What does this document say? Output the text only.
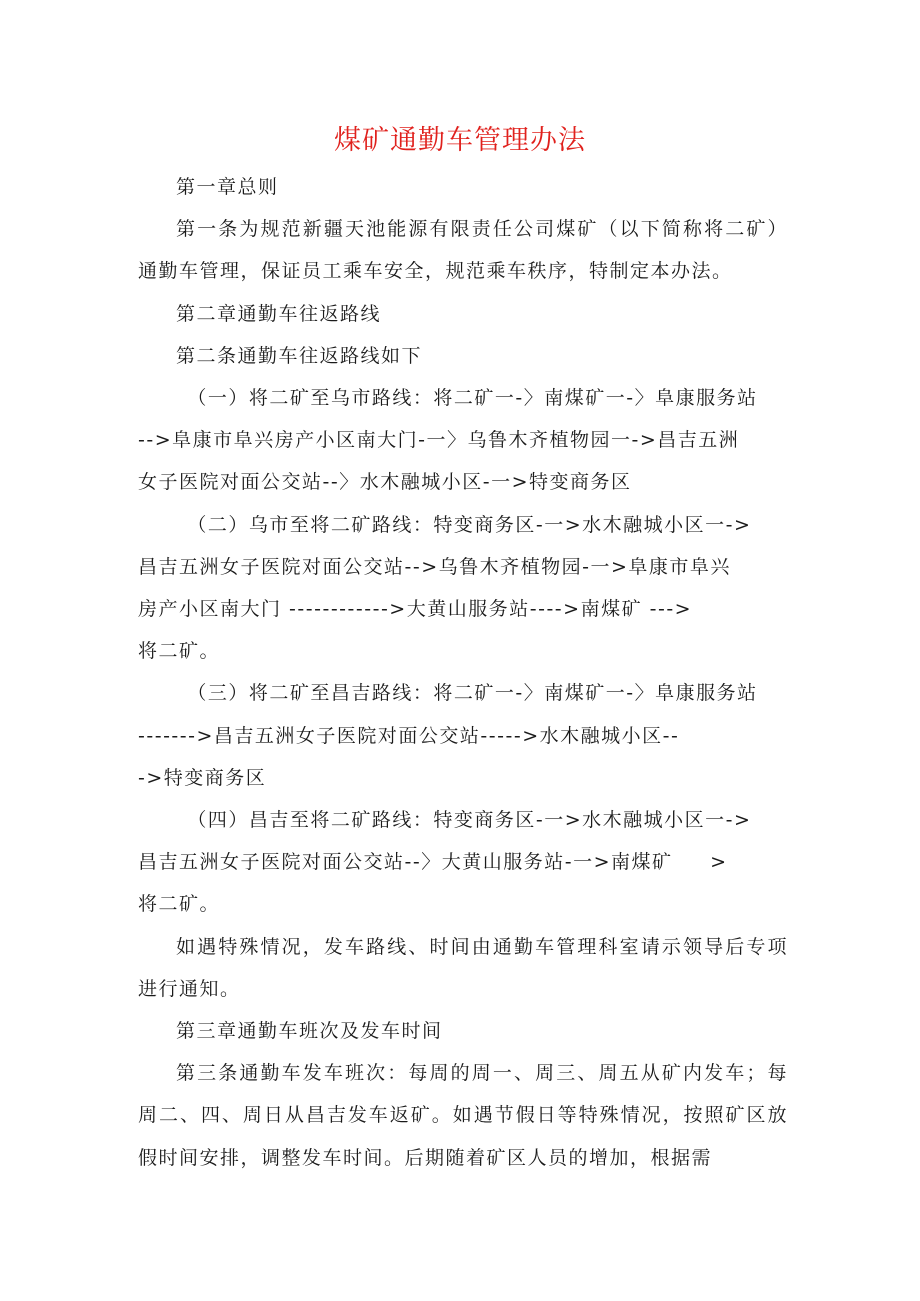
煤矿通勤车管理办法

第一章总则

第一条为规范新疆天池能源有限责任公司煤矿（以下简称将二矿）通勤车管理，保证员工乘车安全，规范乘车秩序，特制定本办法。

第二章通勤车往返路线

第二条通勤车往返路线如下

（一）将二矿至乌市路线：将二矿一-〉南煤矿一-〉阜康服务站
-->阜康市阜兴房产小区南大门-一〉乌鲁木齐植物园一->昌吉五洲
女子医院对面公交站--〉水木融城小区-一>特变商务区
（二）乌市至将二矿路线：特变商务区-一>水木融城小区一->
昌吉五洲女子医院对面公交站-->乌鲁木齐植物园-一>阜康市阜兴
房产小区南大门 ------------>大黄山服务站---->南煤矿 --->
将二矿。
（三）将二矿至昌吉路线：将二矿一-〉南煤矿一-〉阜康服务站
------->昌吉五洲女子医院对面公交站----->水木融城小区--
->特变商务区
（四）昌吉至将二矿路线：特变商务区-一>水木融城小区一->
昌吉五洲女子医院对面公交站--〉大黄山服务站-一>南煤矿     >
将二矿。

如遇特殊情况，发车路线、时间由通勤车管理科室请示领导后专项进行通知。

第三章通勤车班次及发车时间

第三条通勤车发车班次：每周的周一、周三、周五从矿内发车；每周二、四、周日从昌吉发车返矿。如遇节假日等特殊情况，按照矿区放假时间安排，调整发车时间。后期随着矿区人员的增加，根据需
